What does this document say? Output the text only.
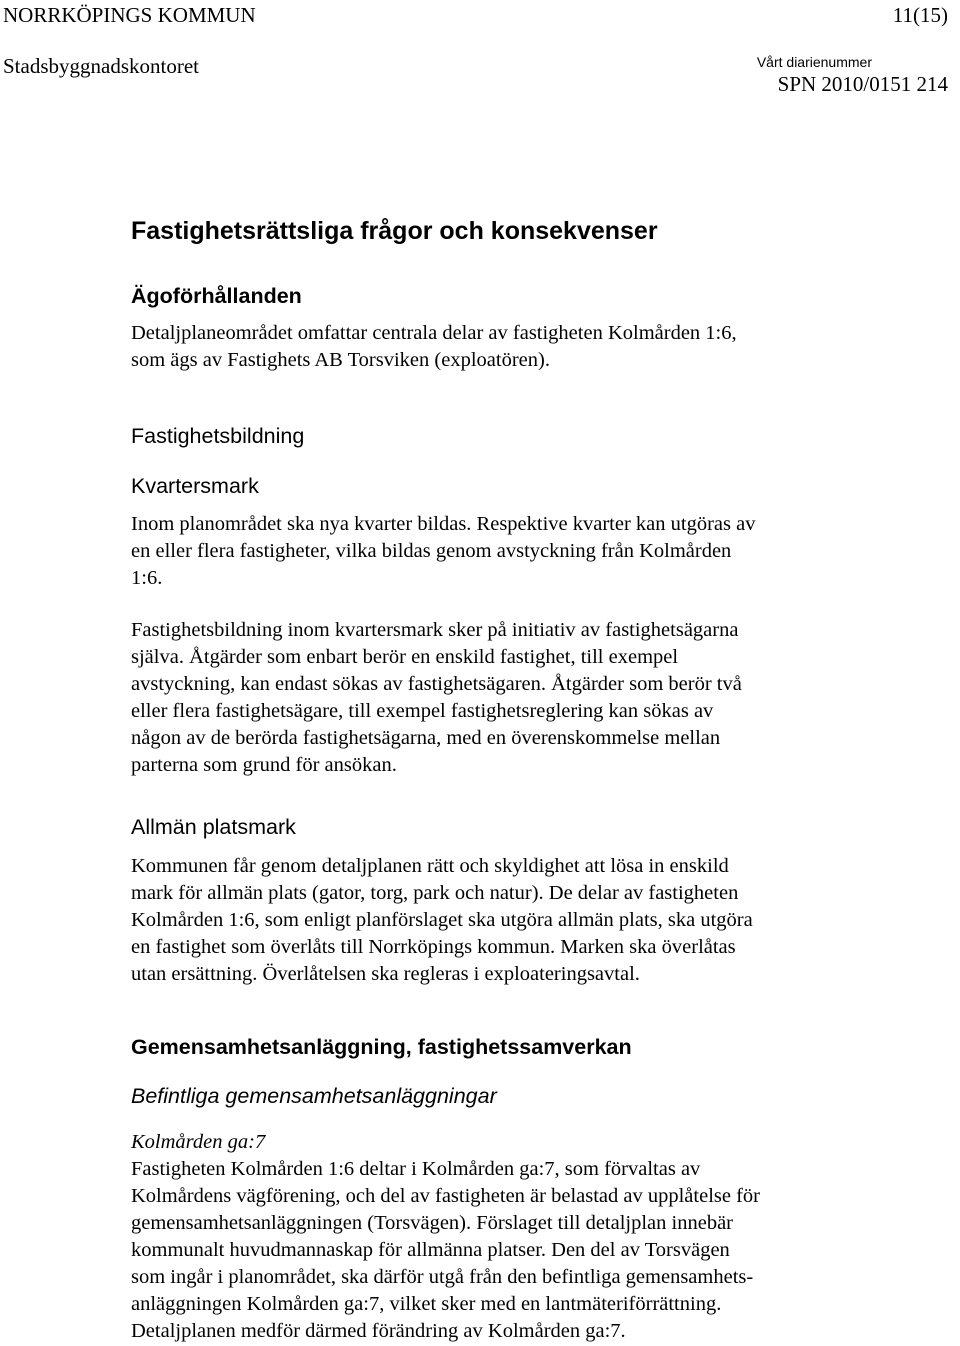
NORRKÖPINGS KOMMUN	11(15)
Stadsbyggnadskontoret	Vårt diarienummer
SPN 2010/0151 214
Fastighetsrättsliga frågor och konsekvenser
Ägoförhållanden
Detaljplaneområdet omfattar centrala delar av fastigheten Kolmården 1:6,
som ägs av Fastighets AB Torsviken (exploatören).
Fastighetsbildning
Kvartersmark
Inom planområdet ska nya kvarter bildas. Respektive kvarter kan utgöras av
en eller flera fastigheter, vilka bildas genom avstyckning från Kolmården
1:6.
Fastighetsbildning inom kvartersmark sker på initiativ av fastighetsägarna
själva. Åtgärder som enbart berör en enskild fastighet, till exempel
avstyckning, kan endast sökas av fastighetsägaren. Åtgärder som berör två
eller flera fastighetsägare, till exempel fastighetsreglering kan sökas av
någon av de berörda fastighetsägarna, med en överenskommelse mellan
parterna som grund för ansökan.
Allmän platsmark
Kommunen får genom detaljplanen rätt och skyldighet att lösa in enskild
mark för allmän plats (gator, torg, park och natur). De delar av fastigheten
Kolmården 1:6, som enligt planförslaget ska utgöra allmän plats, ska utgöra
en fastighet som överlåts till Norrköpings kommun. Marken ska överlåtas
utan ersättning. Överlåtelsen ska regleras i exploateringsavtal.
Gemensamhetsanläggning, fastighetssamverkan
Befintliga gemensamhetsanläggningar
Kolmården ga:7
Fastigheten Kolmården 1:6 deltar i Kolmården ga:7, som förvaltas av
Kolmårdens vägförening, och del av fastigheten är belastad av upplåtelse för
gemensamhetsanläggningen (Torsvägen). Förslaget till detaljplan innebär
kommunalt huvudmannaskap för allmänna platser. Den del av Torsvägen
som ingår i planområdet, ska därför utgå från den befintliga gemensamhets-
anläggningen Kolmården ga:7, vilket sker med en lantmäteriförrättning.
Detaljplanen medför därmed förändring av Kolmården ga:7.
